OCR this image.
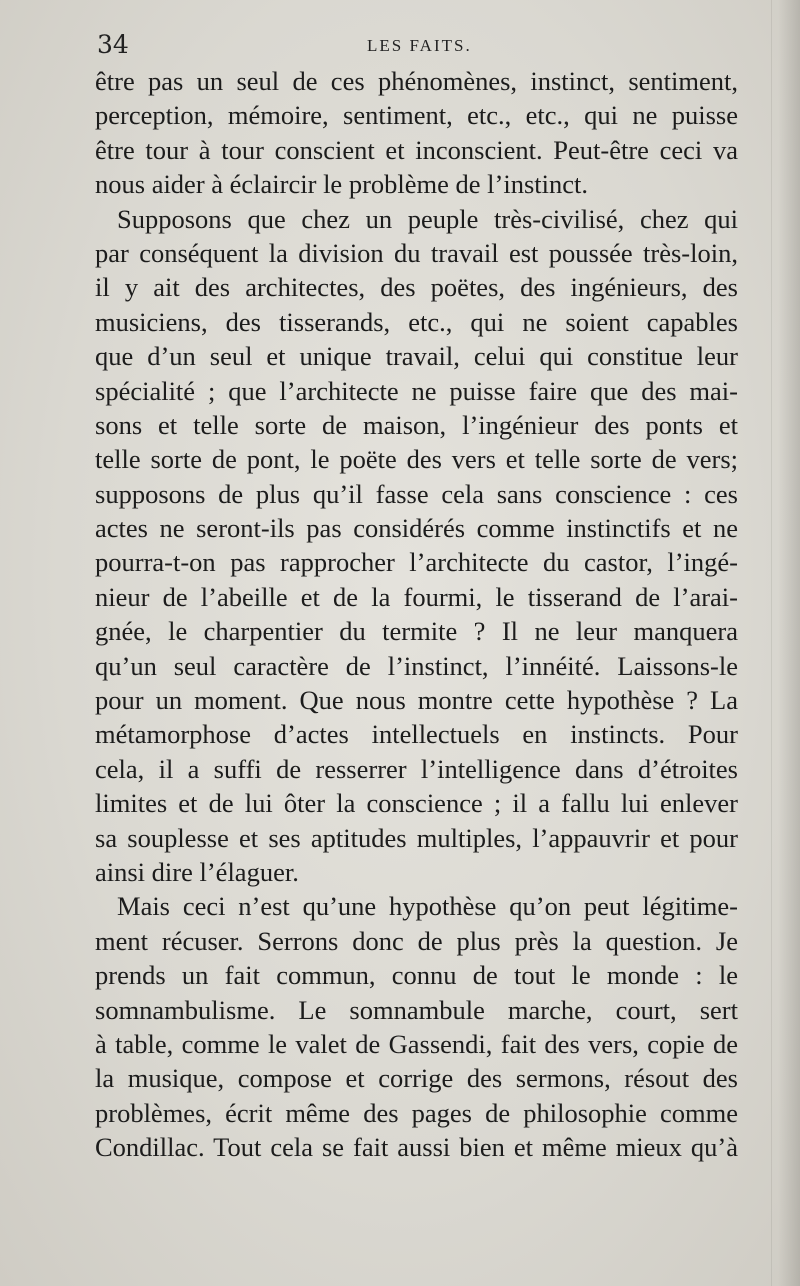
34	LES FAITS.
être pas un seul de ces phénomènes, instinct, sentiment,
perception, mémoire, sentiment, etc., etc., qui ne puisse
être tour à tour conscient et inconscient. Peut-être ceci va
nous aider à éclaircir le problème de l’instinct.
Supposons que chez un peuple très-civilisé, chez qui
par conséquent la division du travail est poussée très-loin,
il y ait des architectes, des poëtes, des ingénieurs, des
musiciens, des tisserands, etc., qui ne soient capables
que d’un seul et unique travail, celui qui constitue leur
spécialité ; que l’architecte ne puisse faire que des mai-
sons et telle sorte de maison, l’ingénieur des ponts et
telle sorte de pont, le poëte des vers et telle sorte de vers;
supposons de plus qu’il fasse cela sans conscience : ces
actes ne seront-ils pas considérés comme instinctifs et ne
pourra-t-on pas rapprocher l’architecte du castor, l’ingé-
nieur de l’abeille et de la fourmi, le tisserand de l’arai-
gnée, le charpentier du termite ? Il ne leur manquera
qu’un seul caractère de l’instinct, l’innéité. Laissons-le
pour un moment. Que nous montre cette hypothèse ? La
métamorphose d’actes intellectuels en instincts. Pour
cela, il a suffi de resserrer l’intelligence dans d’étroites
limites et de lui ôter la conscience ; il a fallu lui enlever
sa souplesse et ses aptitudes multiples, l’appauvrir et pour
ainsi dire l’élaguer.
Mais ceci n’est qu’une hypothèse qu’on peut légitime-
ment récuser. Serrons donc de plus près la question. Je
prends un fait commun, connu de tout le monde : le
somnambulisme. Le somnambule marche, court, sert
à table, comme le valet de Gassendi, fait des vers, copie de
la musique, compose et corrige des sermons, résout des
problèmes, écrit même des pages de philosophie comme
Condillac. Tout cela se fait aussi bien et même mieux qu’à
